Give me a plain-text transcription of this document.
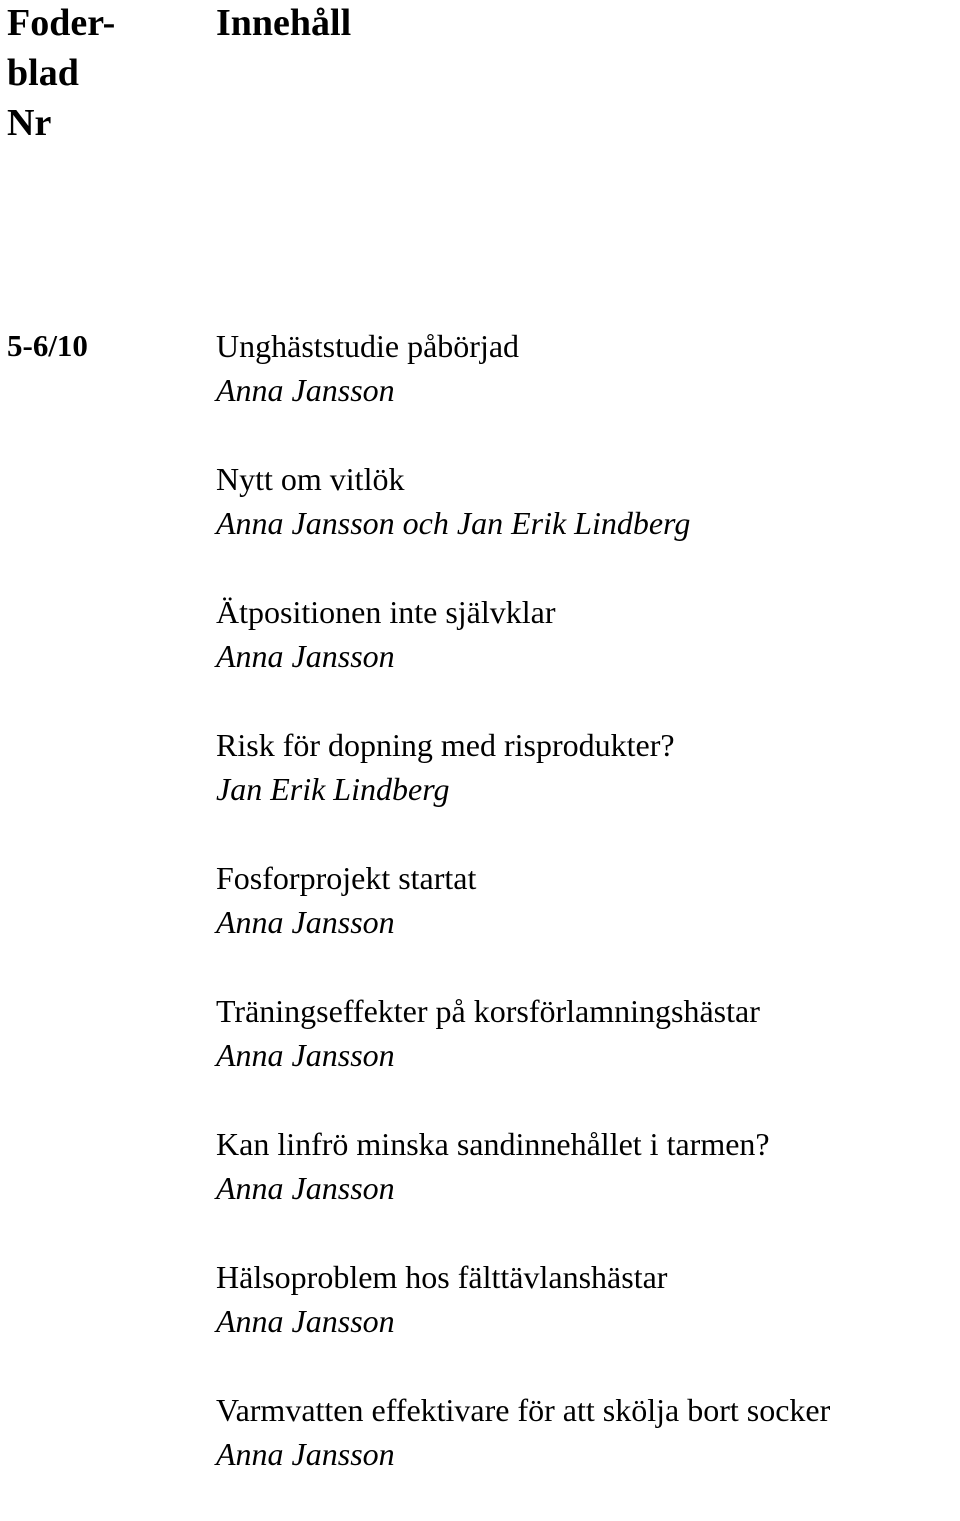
Foder-
blad
Nr
Innehåll

5-6/10	Unghäststudie påbörjad
Anna Jansson
Nytt om vitlök
Anna Jansson och Jan Erik Lindberg
Ätpositionen inte självklar
Anna Jansson
Risk för dopning med risprodukter?
Jan Erik Lindberg
Fosforprojekt startat
Anna Jansson
Träningseffekter på korsförlamningshästar
Anna Jansson
Kan linfrö minska sandinnehållet i tarmen?
Anna Jansson
Hälsoproblem hos fälttävlanshästar
Anna Jansson
Varmvatten effektivare för att skölja bort socker
Anna Jansson
